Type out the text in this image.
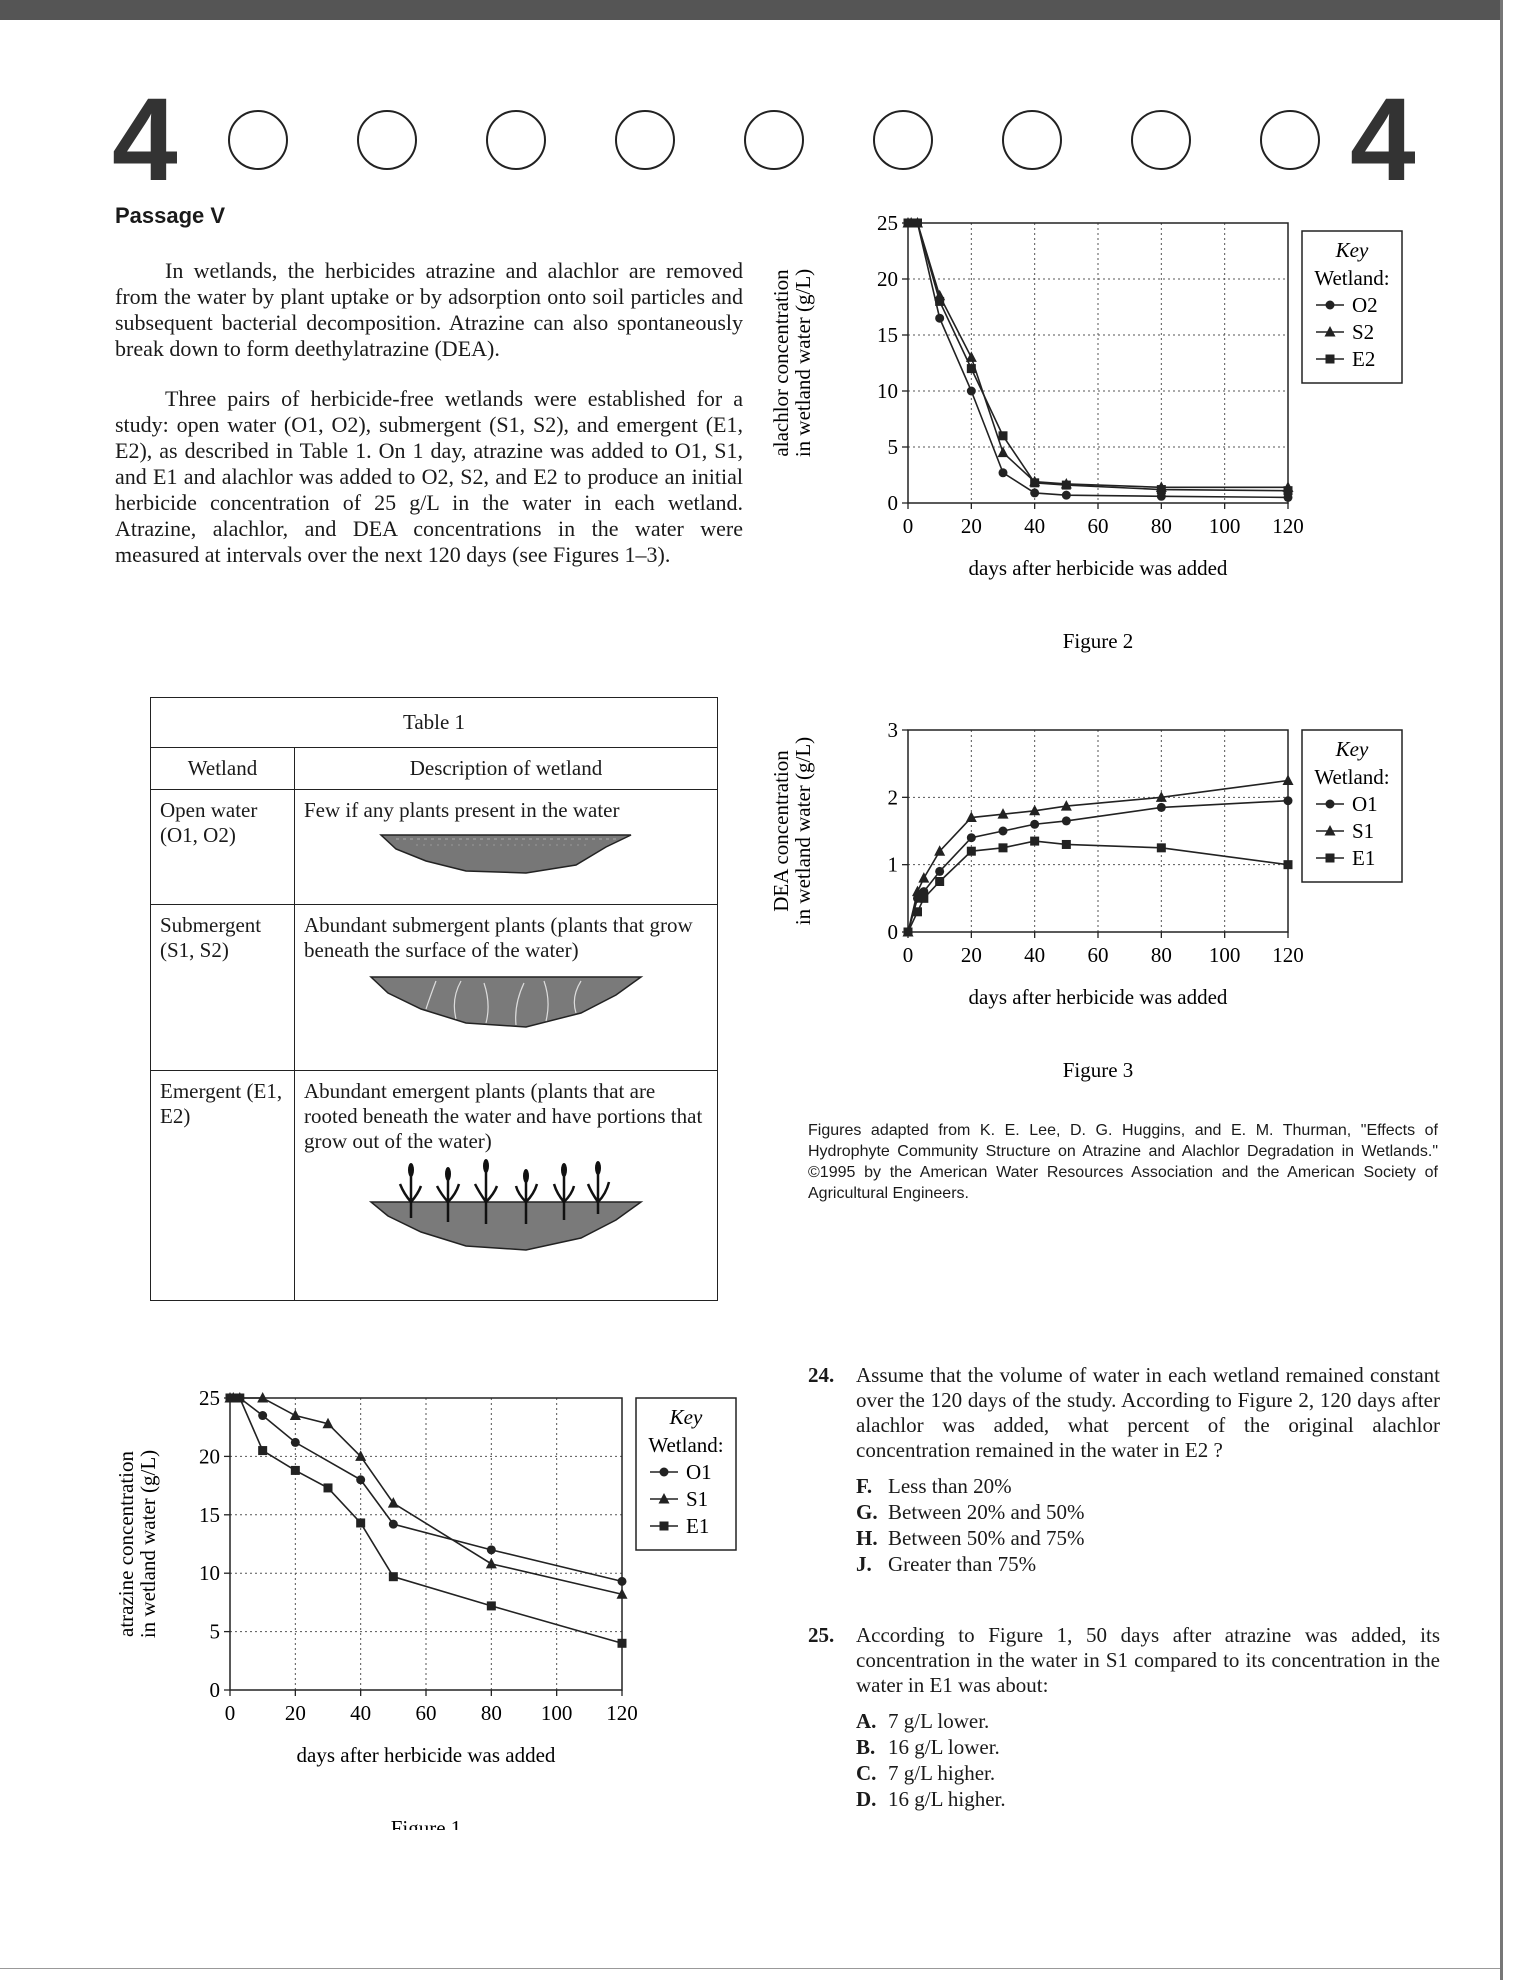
4	4
Passage V

In wetlands, the herbicides atrazine and alachlor are removed from the water by plant uptake or by adsorption onto soil particles and subsequent bacterial decomposition. Atrazine can also spontaneously break down to form deethylatrazine (DEA).

Three pairs of herbicide-free wetlands were established for a study: open water (O1, O2), submergent (S1, S2), and emergent (E1, E2), as described in Table 1. On 1 day, atrazine was added to O1, S1, and E1 and alachlor was added to O2, S2, and E2 to produce an initial herbicide concentration of 25 g/L in the water in each wetland. Atrazine, alachlor, and DEA concentrations in the water were measured at intervals over the next 120 days (see Figures 1–3).

Table 1	
Wetland	Description of wetland
Open water (O1, O2)	Few if any plants present in the water

Submergent (S1, S2)	Abundant submergent plants (plants that grow beneath the surface of the water)

Emergent (E1, E2)	Abundant emergent plants (plants that are rooted beneath the water and have portions that grow out of the water)
0 20 40 60 80 100 120
0
5
10
15
20
25
days after herbicide was added
alachlor concentration
in wetland water (g/L)
Figure 2
Key
Wetland:
O2
S2
E2
0 20 40 60 80 100 120
0
1
2
3
days after herbicide was added
DEA concentration
in wetland water (g/L)
Figure 3
Key
Wetland:
O1
S1
E1
Figures adapted from K. E. Lee, D. G. Huggins, and E. M. Thurman, "Effects of Hydrophyte Community Structure on Atrazine and Alachlor Degradation in Wetlands." ©1995 by the American Water Resources Association and the American Society of Agricultural Engineers.
0 20 40 60 80 100 120
0
5
10
15
20
25
days after herbicide was added
atrazine concentration
in wetland water (g/L)
Figure 1
Key
Wetland:
O1
S1
E1
24.	Assume that the volume of water in each wetland remained constant over the 120 days of the study. According to Figure 2, 120 days after alachlor was added, what percent of the original alachlor concentration remained in the water in E2 ?
F. Less than 20%
G. Between 20% and 50%
H. Between 50% and 75%
J. Greater than 75%
25.	According to Figure 1, 50 days after atrazine was added, its concentration in the water in S1 compared to its concentration in the water in E1 was about:
A. 7 g/L lower.
B. 16 g/L lower.
C. 7 g/L higher.
D. 16 g/L higher.
